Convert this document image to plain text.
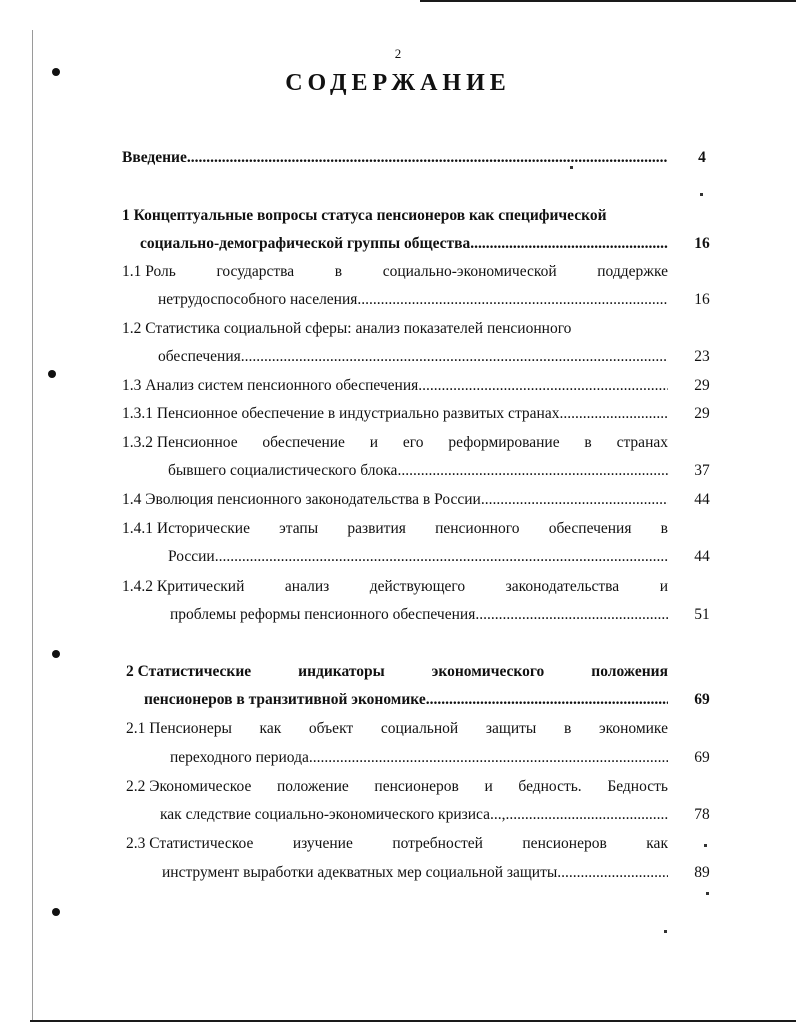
2
СОДЕРЖАНИЕ
Введение .....	4
1 Концептуальные вопросы статуса пенсионеров как специфической
социально-демографической группы общества .....	16
1.1 Роль	государства	в	социально-экономической	поддержке
нетрудоспособного населения .....	16
1.2 Статистика социальной сферы: анализ показателей пенсионного
обеспечения .....	23
1.3 Анализ систем пенсионного обеспечения .....	29
1.3.1 Пенсионное обеспечение в индустриально развитых странах .....	29
1.3.2 Пенсионное обеспечение и его реформирование в странах
бывшего социалистического блока .....	37
1.4 Эволюция пенсионного законодательства в России .....	44
1.4.1 Исторические этапы развития пенсионного обеспечения в
России .....	44
1.4.2 Критический	анализ	действующего	законодательства	и
проблемы реформы пенсионного обеспечения .....	51
2 Статистические	индикаторы	экономического	положения
пенсионеров в транзитивной экономике .....	69
2.1 Пенсионеры как объект социальной защиты в экономике
переходного периода .....	69
2.2 Экономическое положение пенсионеров и бедность. Бедность
как следствие социально-экономического кризиса..., .....	78
2.3 Статистическое	изучение	потребностей	пенсионеров	как
инструмент выработки адекватных мер социальной защиты .....	89
